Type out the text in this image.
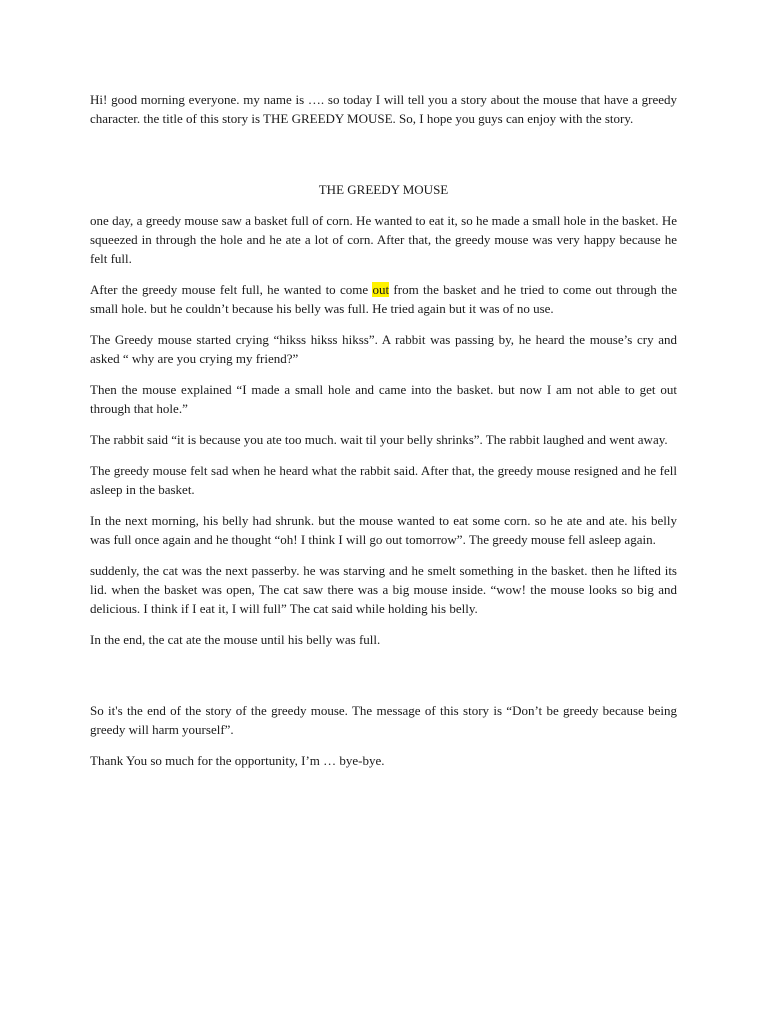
Hi! good morning everyone. my name is …. so today I will tell you a story about the mouse that have a greedy character. the title of this story is THE GREEDY MOUSE. So, I hope you guys can enjoy with the story.

THE GREEDY MOUSE

one day, a greedy mouse saw a basket full of corn. He wanted to eat it, so he made a small hole in the basket. He squeezed in through the hole and he ate a lot of corn. After that, the greedy mouse was very happy because he felt full.

After the greedy mouse felt full, he wanted to come out from the basket and he tried to come out through the small hole. but he couldn’t because his belly was full. He tried again but it was of no use.

The Greedy mouse started crying “hikss hikss hikss”. A rabbit was passing by, he heard the mouse’s cry and asked “ why are you crying my friend?”

Then the mouse explained “I made a small hole and came into the basket. but now I am not able to get out through that hole.”

The rabbit said “it is because you ate too much. wait til your belly shrinks”. The rabbit laughed and went away.

The greedy mouse felt sad when he heard what the rabbit said. After that, the greedy mouse resigned and he fell asleep in the basket.

In the next morning, his belly had shrunk. but the mouse wanted to eat some corn. so he ate and ate. his belly was full once again and he thought “oh! I think I will go out tomorrow”. The greedy mouse fell asleep again.

suddenly, the cat was the next passerby. he was starving and he smelt something in the basket. then he lifted its lid. when the basket was open, The cat saw there was a big mouse inside. “wow! the mouse looks so big and delicious. I think if I eat it, I will full” The cat said while holding his belly.

In the end, the cat ate the mouse until his belly was full.

So it's the end of the story of the greedy mouse. The message of this story is “Don’t be greedy because being greedy will harm yourself”.

Thank You so much for the opportunity, I’m … bye-bye.
